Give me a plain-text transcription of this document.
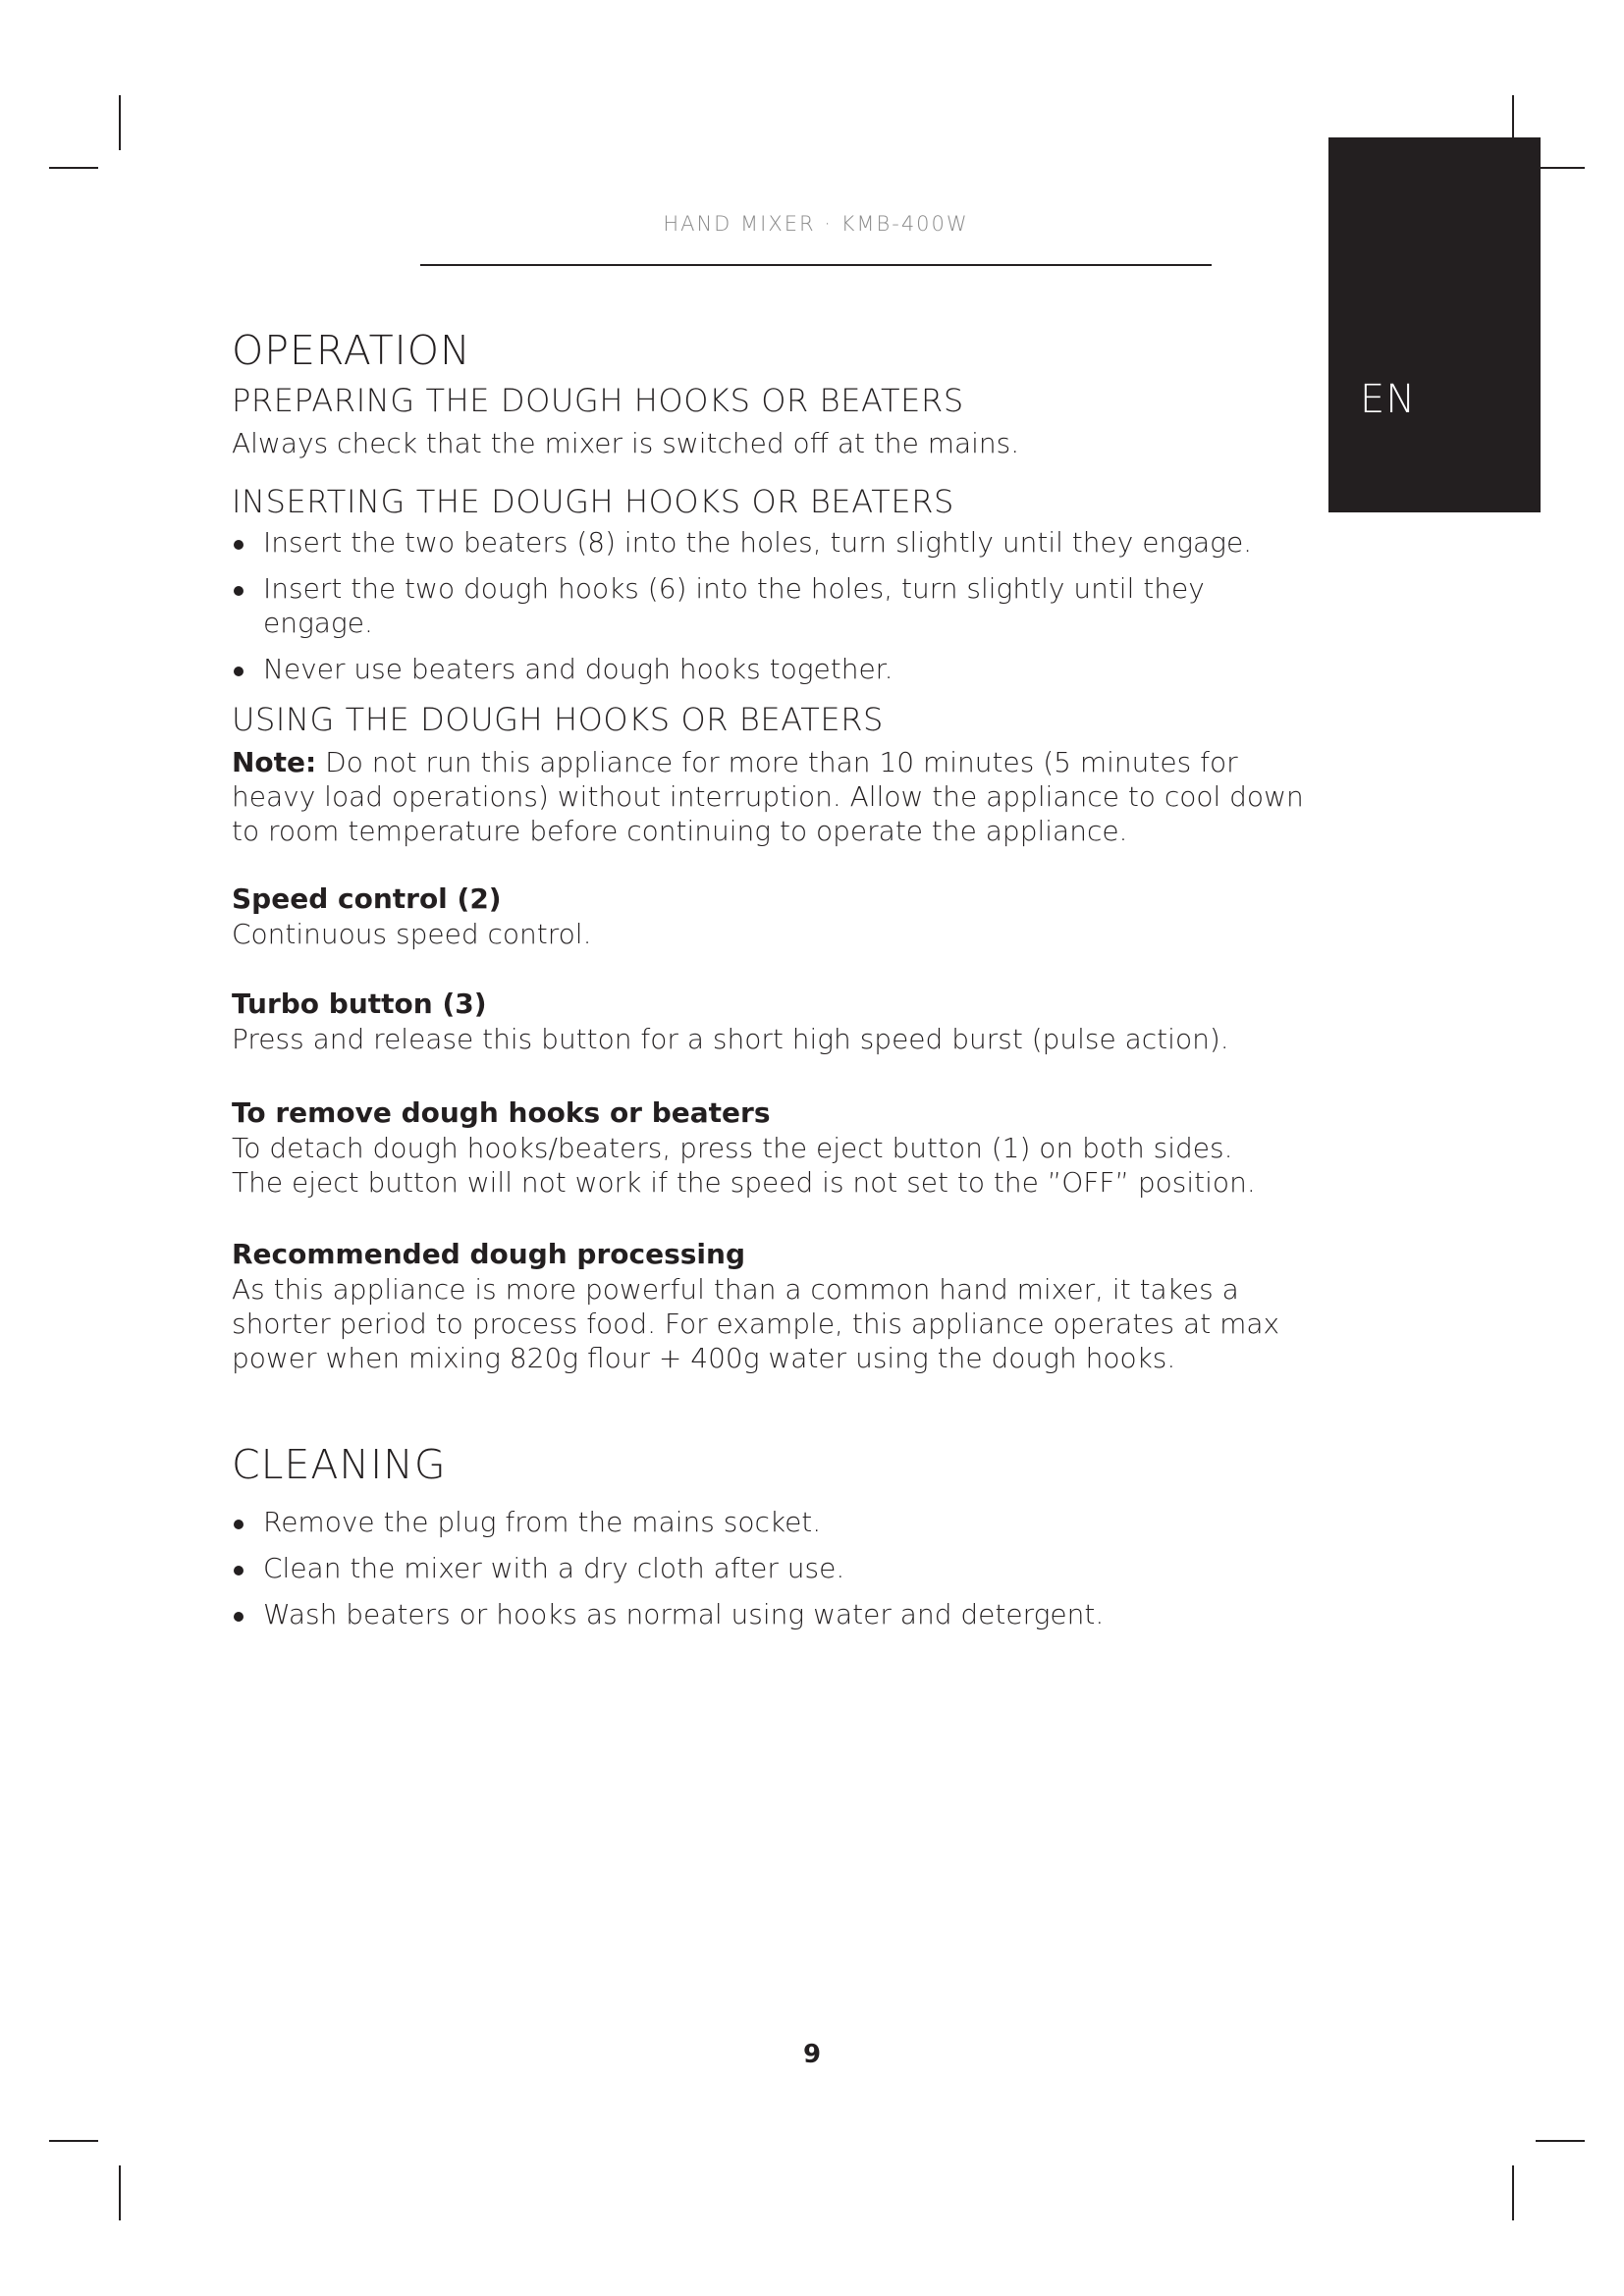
HAND MIXER · KMB-400W
EN
OPERATION
PREPARING THE DOUGH HOOKS OR BEATERS

Always check that the mixer is switched off at the mains.

INSERTING THE DOUGH HOOKS OR BEATERS
Insert the two beaters (8) into the holes, turn slightly until they engage.
Insert the two dough hooks (6) into the holes, turn slightly until they engage.
Never use beaters and dough hooks together.
USING THE DOUGH HOOKS OR BEATERS

Note: Do not run this appliance for more than 10 minutes (5 minutes for heavy load operations) without interruption. Allow the appliance to cool down to room temperature before continuing to operate the appliance.

Speed control (2)

Continuous speed control.

Turbo button (3)

Press and release this button for a short high speed burst (pulse action).

To remove dough hooks or beaters

To detach dough hooks/beaters, press the eject button (1) on both sides.

The eject button will not work if the speed is not set to the ”OFF” position.

Recommended dough processing

As this appliance is more powerful than a common hand mixer, it takes a shorter period to process food. For example, this appliance operates at max power when mixing 820g flour + 400g water using the dough hooks.

CLEANING
Remove the plug from the mains socket.
Clean the mixer with a dry cloth after use.
Wash beaters or hooks as normal using water and detergent.
9
